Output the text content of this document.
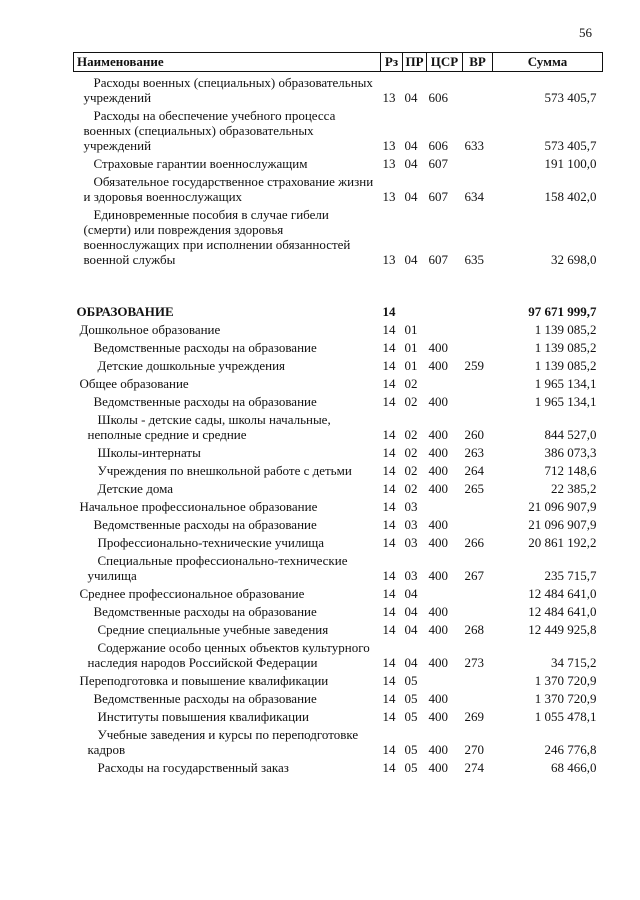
56
Наименование	Рз	ПР	ЦСР	ВР	Сумма
Расходы военных (специальных) образовательных учреждений	13	04	606		573 405,7
Расходы на обеспечение учебного процесса военных (специальных) образовательных учреждений	13	04	606	633	573 405,7
Страховые гарантии военнослужащим	13	04	607		191 100,0
Обязательное государственное страхование жизни и здоровья военнослужащих	13	04	607	634	158 402,0
Единовременные пособия в случае гибели (смерти) или повреждения здоровья военнослужащих при исполнении обязанностей военной службы	13	04	607	635	32 698,0

ОБРАЗОВАНИЕ	14				97 671 999,7
Дошкольное образование	14	01			1 139 085,2
Ведомственные расходы на образование	14	01	400		1 139 085,2
Детские дошкольные учреждения	14	01	400	259	1 139 085,2
Общее образование	14	02			1 965 134,1
Ведомственные расходы на образование	14	02	400		1 965 134,1
Школы - детские сады, школы начальные, неполные средние и средние	14	02	400	260	844 527,0
Школы-интернаты	14	02	400	263	386 073,3
Учреждения по внешкольной работе с детьми	14	02	400	264	712 148,6
Детские дома	14	02	400	265	22 385,2
Начальное профессиональное образование	14	03			21 096 907,9
Ведомственные расходы на образование	14	03	400		21 096 907,9
Профессионально-технические училища	14	03	400	266	20 861 192,2
Специальные профессионально-технические училища	14	03	400	267	235 715,7
Среднее профессиональное образование	14	04			12 484 641,0
Ведомственные расходы на образование	14	04	400		12 484 641,0
Средние специальные учебные заведения	14	04	400	268	12 449 925,8
Содержание особо ценных объектов культурного наследия народов Российской Федерации	14	04	400	273	34 715,2
Переподготовка и повышение квалификации	14	05			1 370 720,9
Ведомственные расходы на образование	14	05	400		1 370 720,9
Институты повышения квалификации	14	05	400	269	1 055 478,1
Учебные заведения и курсы по переподготовке кадров	14	05	400	270	246 776,8
Расходы на государственный заказ	14	05	400	274	68 466,0
